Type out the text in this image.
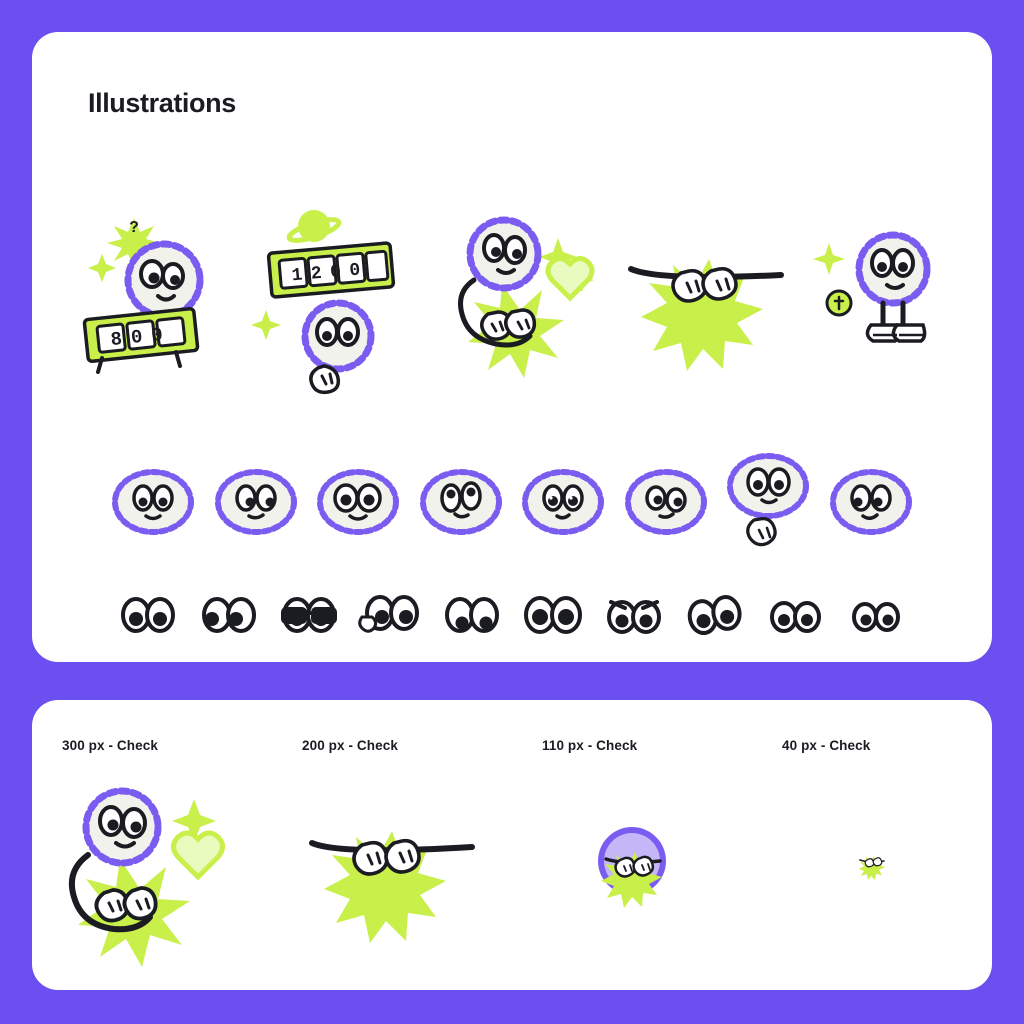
Illustrations
?
800
1200
300 px - Check	200 px - Check	110 px - Check	40 px - Check
